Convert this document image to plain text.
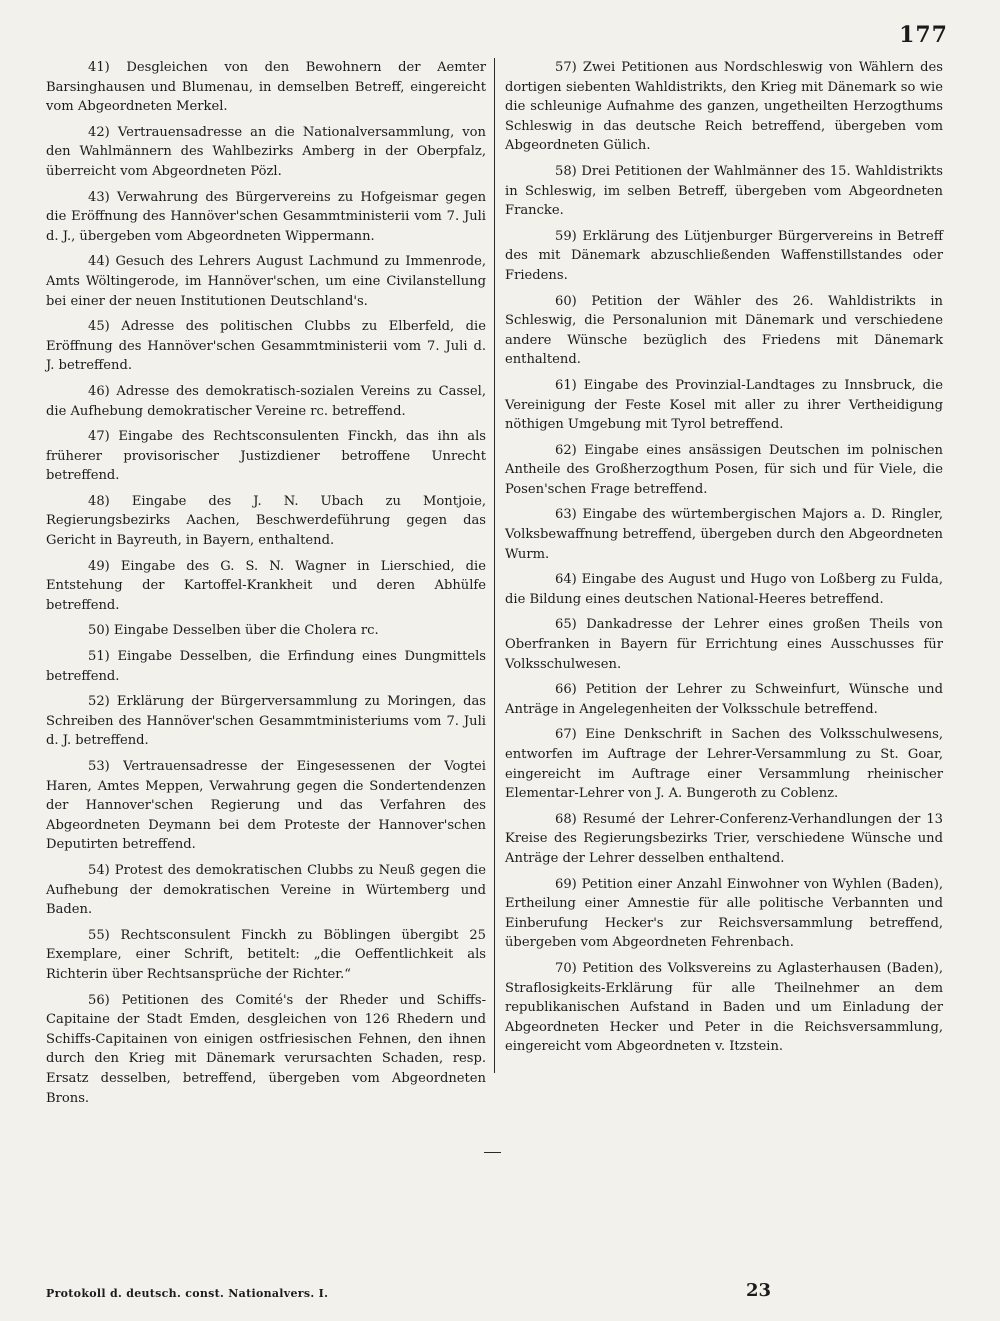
177

41) Desgleichen von den Bewohnern der Aemter Barsinghausen und Blumenau, in demselben Betreff, eingereicht vom Abgeordneten Merkel.

42) Vertrauensadresse an die Nationalversammlung, von den Wahlmännern des Wahlbezirks Amberg in der Oberpfalz, überreicht vom Abgeordneten Pözl.

43) Verwahrung des Bürgervereins zu Hofgeismar gegen die Eröffnung des Hannöver'schen Gesammtministerii vom 7. Juli d. J., übergeben vom Abgeordneten Wippermann.

44) Gesuch des Lehrers August Lachmund zu Immenrode, Amts Wöltingerode, im Hannöver'schen, um eine Civilanstellung bei einer der neuen Institutionen Deutschland's.

45) Adresse des politischen Clubbs zu Elberfeld, die Eröffnung des Hannöver'schen Gesammtministerii vom 7. Juli d. J. betreffend.

46) Adresse des demokratisch-sozialen Vereins zu Cassel, die Aufhebung demokratischer Vereine rc. betreffend.

47) Eingabe des Rechtsconsulenten Finckh, das ihn als früherer provisorischer Justizdiener betroffene Unrecht betreffend.

48) Eingabe des J. N. Ubach zu Montjoie, Regierungsbezirks Aachen, Beschwerdeführung gegen das Gericht in Bayreuth, in Bayern, enthaltend.

49) Eingabe des G. S. N. Wagner in Lierschied, die Entstehung der Kartoffel-Krankheit und deren Abhülfe betreffend.

50) Eingabe Desselben über die Cholera rc.

51) Eingabe Desselben, die Erfindung eines Dungmittels betreffend.

52) Erklärung der Bürgerversammlung zu Moringen, das Schreiben des Hannöver'schen Gesammtministeriums vom 7. Juli d. J. betreffend.

53) Vertrauensadresse der Eingesessenen der Vogtei Haren, Amtes Meppen, Verwahrung gegen die Sondertendenzen der Hannover'schen Regierung und das Verfahren des Abgeordneten Deymann bei dem Proteste der Hannover'schen Deputirten betreffend.

54) Protest des demokratischen Clubbs zu Neuß gegen die Aufhebung der demokratischen Vereine in Würtemberg und Baden.

55) Rechtsconsulent Finckh zu Böblingen übergibt 25 Exemplare, einer Schrift, betitelt: „die Oeffentlichkeit als Richterin über Rechtsansprüche der Richter.“

56) Petitionen des Comité's der Rheder und Schiffs-Capitaine der Stadt Emden, desgleichen von 126 Rhedern und Schiffs-Capitainen von einigen ostfriesischen Fehnen, den ihnen durch den Krieg mit Dänemark verursachten Schaden, resp. Ersatz desselben, betreffend, übergeben vom Abgeordneten Brons.

57) Zwei Petitionen aus Nordschleswig von Wählern des dortigen siebenten Wahldistrikts, den Krieg mit Dänemark so wie die schleunige Aufnahme des ganzen, ungetheilten Herzogthums Schleswig in das deutsche Reich betreffend, übergeben vom Abgeordneten Gülich.

58) Drei Petitionen der Wahlmänner des 15. Wahldistrikts in Schleswig, im selben Betreff, übergeben vom Abgeordneten Francke.

59) Erklärung des Lütjenburger Bürgervereins in Betreff des mit Dänemark abzuschließenden Waffenstillstandes oder Friedens.

60) Petition der Wähler des 26. Wahldistrikts in Schleswig, die Personalunion mit Dänemark und verschiedene andere Wünsche bezüglich des Friedens mit Dänemark enthaltend.

61) Eingabe des Provinzial-Landtages zu Innsbruck, die Vereinigung der Feste Kosel mit aller zu ihrer Vertheidigung nöthigen Umgebung mit Tyrol betreffend.

62) Eingabe eines ansässigen Deutschen im polnischen Antheile des Großherzogthum Posen, für sich und für Viele, die Posen'schen Frage betreffend.

63) Eingabe des würtembergischen Majors a. D. Ringler, Volksbewaffnung betreffend, übergeben durch den Abgeordneten Wurm.

64) Eingabe des August und Hugo von Loßberg zu Fulda, die Bildung eines deutschen National-Heeres betreffend.

65) Dankadresse der Lehrer eines großen Theils von Oberfranken in Bayern für Errichtung eines Ausschusses für Volksschulwesen.

66) Petition der Lehrer zu Schweinfurt, Wünsche und Anträge in Angelegenheiten der Volksschule betreffend.

67) Eine Denkschrift in Sachen des Volksschulwesens, entworfen im Auftrage der Lehrer-Versammlung zu St. Goar, eingereicht im Auftrage einer Versammlung rheinischer Elementar-Lehrer von J. A. Bungeroth zu Coblenz.

68) Resumé der Lehrer-Conferenz-Verhandlungen der 13 Kreise des Regierungsbezirks Trier, verschiedene Wünsche und Anträge der Lehrer desselben enthaltend.

69) Petition einer Anzahl Einwohner von Wyhlen (Baden), Ertheilung einer Amnestie für alle politische Verbannten und Einberufung Hecker's zur Reichsversammlung betreffend, übergeben vom Abgeordneten Fehrenbach.

70) Petition des Volksvereins zu Aglasterhausen (Baden), Straflosigkeits-Erklärung für alle Theilnehmer an dem republikanischen Aufstand in Baden und um Einladung der Abgeordneten Hecker und Peter in die Reichsversammlung, eingereicht vom Abgeordneten v. Itzstein.

Protokoll d. deutsch. const. Nationalvers. I.	23
